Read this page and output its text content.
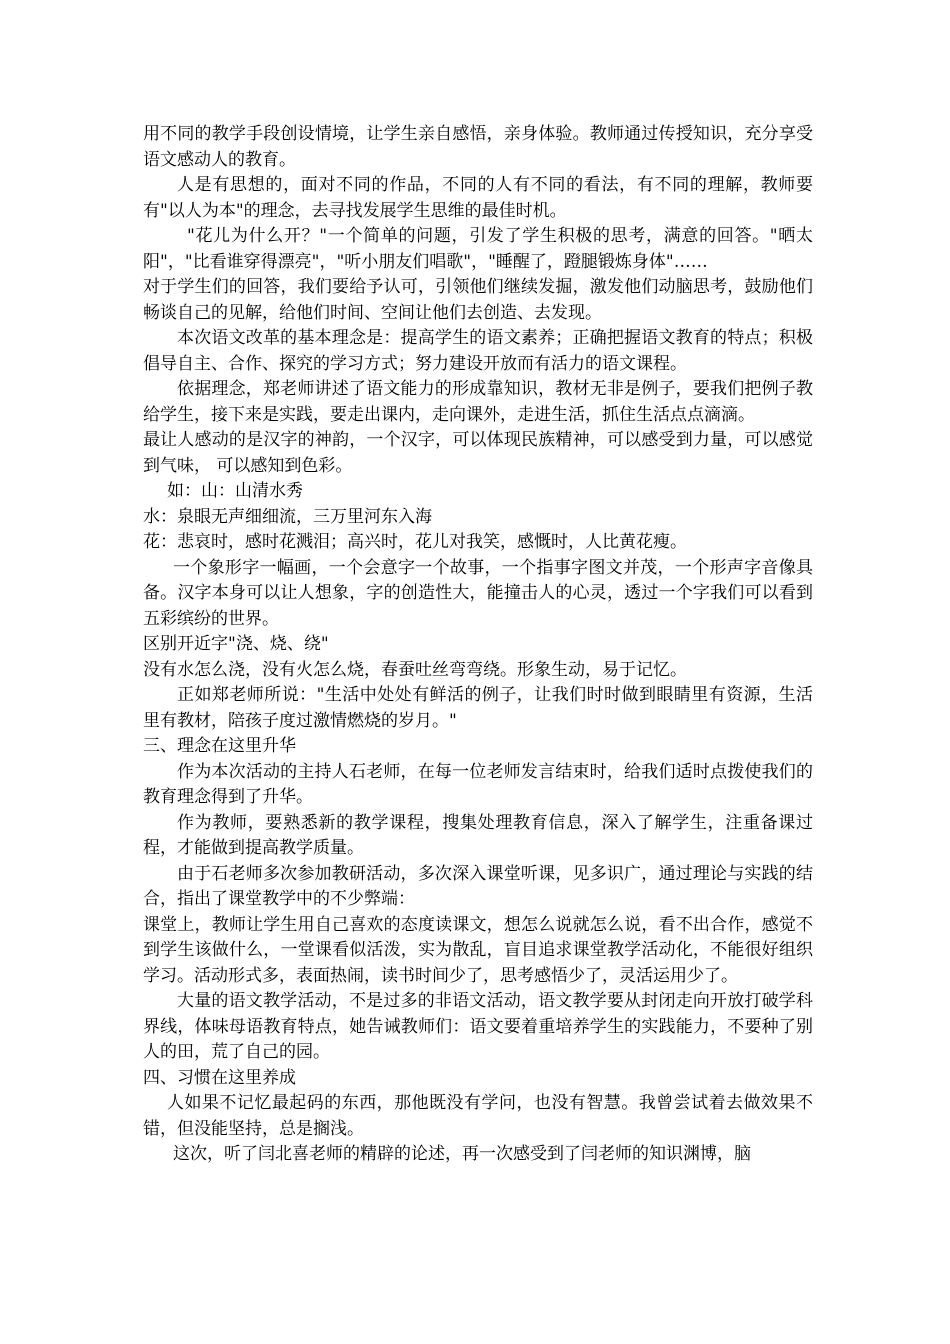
用不同的教学手段创设情境，让学生亲自感悟，亲身体验。教师通过传授知识，充分享受语文感动人的教育。

人是有思想的，面对不同的作品，不同的人有不同的看法，有不同的理解，教师要有"以人为本"的理念，去寻找发展学生思维的最佳时机。

"花儿为什么开？"一个简单的问题，引发了学生积极的思考，满意的回答。"晒太阳"，"比看谁穿得漂亮"，"听小朋友们唱歌"，"睡醒了，蹬腿锻炼身体"……

对于学生们的回答，我们要给予认可，引领他们继续发掘，激发他们动脑思考，鼓励他们畅谈自己的见解，给他们时间、空间让他们去创造、去发现。

本次语文改革的基本理念是：提高学生的语文素养；正确把握语文教育的特点；积极倡导自主、合作、探究的学习方式；努力建设开放而有活力的语文课程。

依据理念，郑老师讲述了语文能力的形成靠知识，教材无非是例子，要我们把例子教给学生，接下来是实践，要走出课内，走向课外，走进生活，抓住生活点点滴滴。

最让人感动的是汉字的神韵，一个汉字，可以体现民族精神，可以感受到力量，可以感觉到气味， 可以感知到色彩。

如：山：山清水秀

水：泉眼无声细细流，三万里河东入海

花：悲哀时，感时花溅泪；高兴时，花儿对我笑，感慨时，人比黄花瘦。

一个象形字一幅画，一个会意字一个故事，一个指事字图文并茂，一个形声字音像具备。汉字本身可以让人想象，字的创造性大，能撞击人的心灵，透过一个字我们可以看到五彩缤纷的世界。

区别开近字"浇、烧、绕"

没有水怎么浇，没有火怎么烧，春蚕吐丝弯弯绕。形象生动，易于记忆。

正如郑老师所说："生活中处处有鲜活的例子，让我们时时做到眼睛里有资源，生活里有教材，陪孩子度过激情燃烧的岁月。"

三、理念在这里升华

作为本次活动的主持人石老师，在每一位老师发言结束时，给我们适时点拨使我们的教育理念得到了升华。

作为教师，要熟悉新的教学课程，搜集处理教育信息，深入了解学生，注重备课过程，才能做到提高教学质量。

由于石老师多次参加教研活动，多次深入课堂听课，见多识广，通过理论与实践的结合，指出了课堂教学中的不少弊端：

课堂上，教师让学生用自己喜欢的态度读课文，想怎么说就怎么说，看不出合作，感觉不到学生该做什么，一堂课看似活泼，实为散乱，盲目追求课堂教学活动化，不能很好组织学习。活动形式多，表面热闹，读书时间少了，思考感悟少了，灵活运用少了。

大量的语文教学活动，不是过多的非语文活动，语文教学要从封闭走向开放打破学科界线，体味母语教育特点，她告诫教师们：语文要着重培养学生的实践能力，不要种了别人的田，荒了自己的园。

四、习惯在这里养成

人如果不记忆最起码的东西，那他既没有学问，也没有智慧。我曾尝试着去做效果不错，但没能坚持，总是搁浅。

这次，听了闫北喜老师的精辟的论述，再一次感受到了闫老师的知识渊博，脑
